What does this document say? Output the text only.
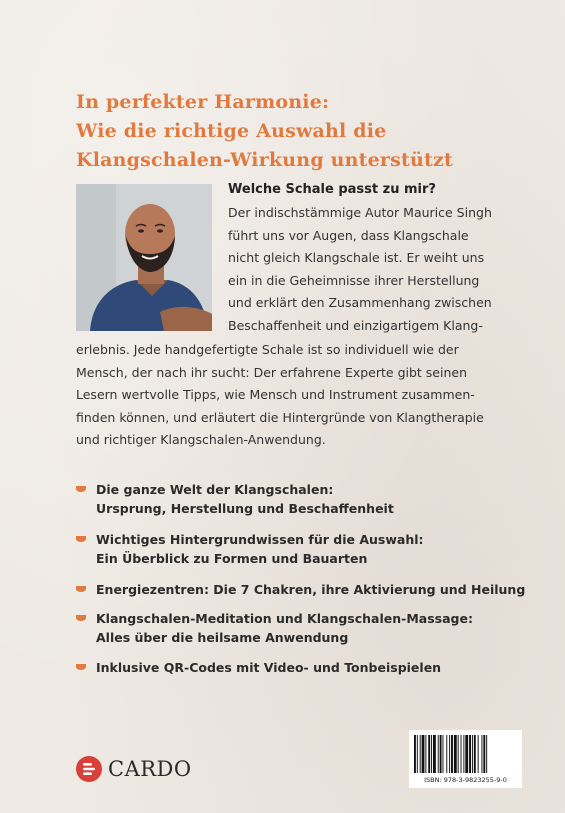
In perfekter Harmonie:
Wie die richtige Auswahl die
Klangschalen-Wirkung unterstützt
Welche Schale passt zu mir?
Der indischstämmige Autor Maurice Singh
führt uns vor Augen, dass Klangschale
nicht gleich Klangschale ist. Er weiht uns
ein in die Geheimnisse ihrer Herstellung
und erklärt den Zusammenhang zwischen
Beschaffenheit und einzigartigem Klang-
erlebnis. Jede handgefertigte Schale ist so individuell wie der
Mensch, der nach ihr sucht: Der erfahrene Experte gibt seinen
Lesern wertvolle Tipps, wie Mensch und Instrument zusammen-
finden können, und erläutert die Hintergründe von Klangtherapie
und richtiger Klangschalen-Anwendung.
Die ganze Welt der Klangschalen:
Ursprung, Herstellung und Beschaffenheit
Wichtiges Hintergrundwissen für die Auswahl:
Ein Überblick zu Formen und Bauarten
Energiezentren: Die 7 Chakren, ihre Aktivierung und Heilung
Klangschalen-Meditation und Klangschalen-Massage:
Alles über die heilsame Anwendung
Inklusive QR-Codes mit Video- und Tonbeispielen
CARDO	ISBN: 978-3-9823255-9-0
